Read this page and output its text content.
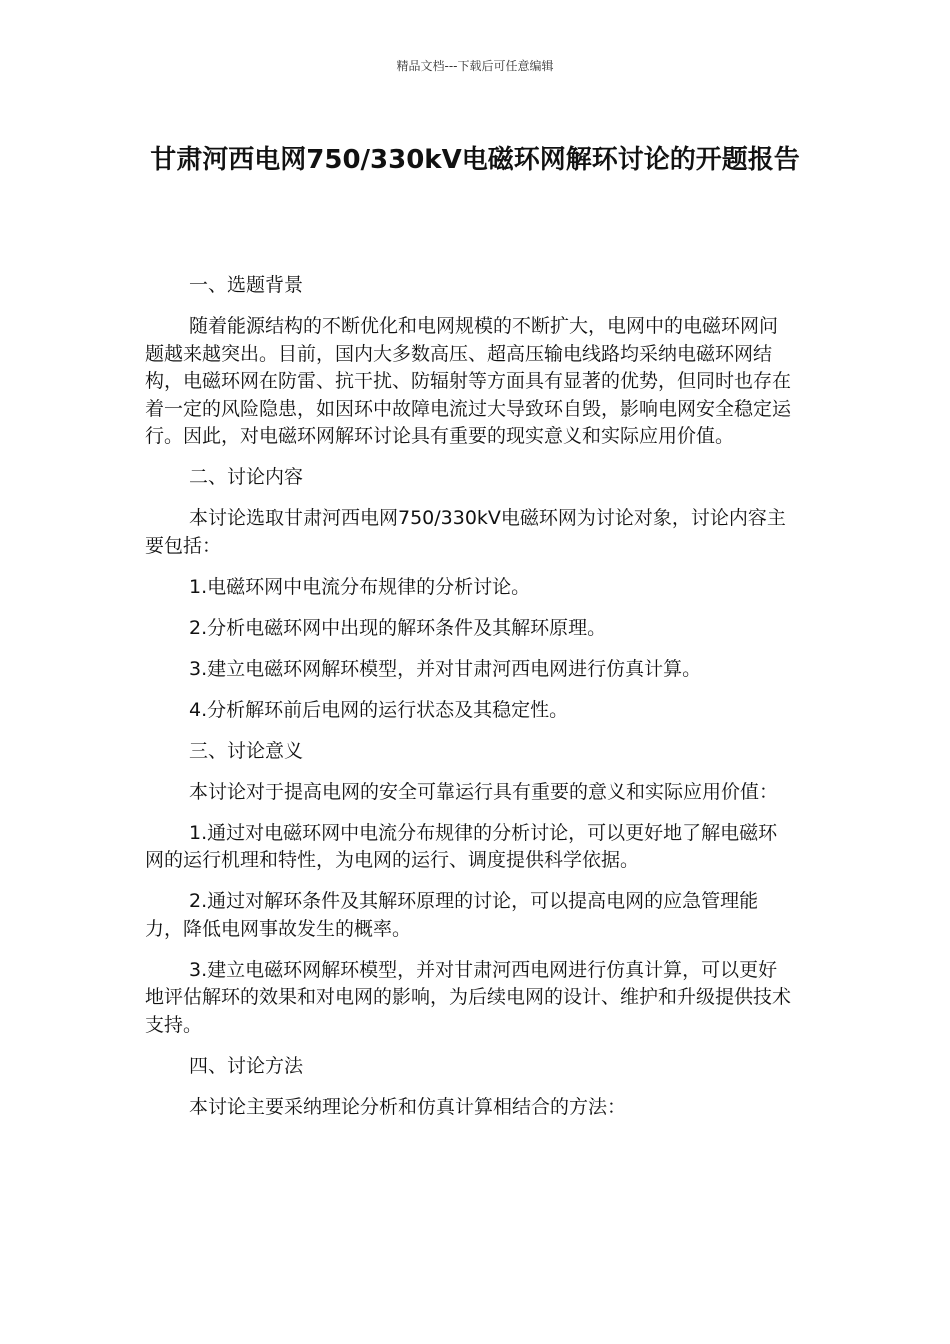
精品文档---下载后可任意编辑
甘肃河西电网750/330kV电磁环网解环讨论的开题报告

一、选题背景

随着能源结构的不断优化和电网规模的不断扩大，电网中的电磁环网问题越来越突出。目前，国内大多数高压、超高压输电线路均采纳电磁环网结构，电磁环网在防雷、抗干扰、防辐射等方面具有显著的优势，但同时也存在着一定的风险隐患，如因环中故障电流过大导致环自毁，影响电网安全稳定运行。因此，对电磁环网解环讨论具有重要的现实意义和实际应用价值。

二、讨论内容

本讨论选取甘肃河西电网750/330kV电磁环网为讨论对象，讨论内容主要包括：

1.电磁环网中电流分布规律的分析讨论。

2.分析电磁环网中出现的解环条件及其解环原理。

3.建立电磁环网解环模型，并对甘肃河西电网进行仿真计算。

4.分析解环前后电网的运行状态及其稳定性。

三、讨论意义

本讨论对于提高电网的安全可靠运行具有重要的意义和实际应用价值：

1.通过对电磁环网中电流分布规律的分析讨论，可以更好地了解电磁环网的运行机理和特性，为电网的运行、调度提供科学依据。

2.通过对解环条件及其解环原理的讨论，可以提高电网的应急管理能力，降低电网事故发生的概率。

3.建立电磁环网解环模型，并对甘肃河西电网进行仿真计算，可以更好地评估解环的效果和对电网的影响，为后续电网的设计、维护和升级提供技术支持。

四、讨论方法

本讨论主要采纳理论分析和仿真计算相结合的方法：
